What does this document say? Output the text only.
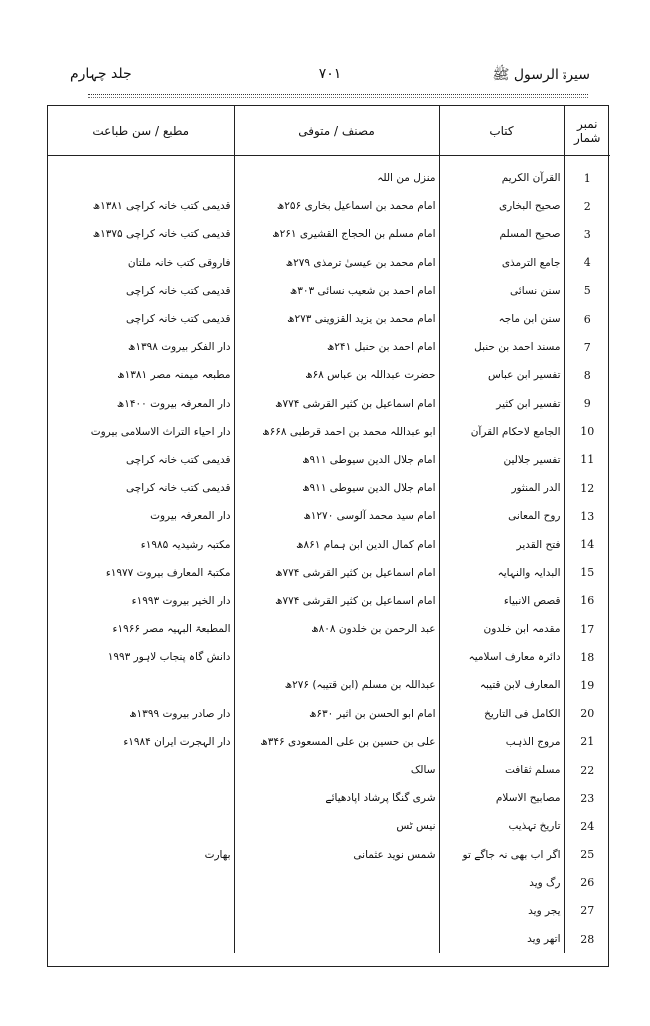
سیرۃ الرسول ﷺ
۷۰۱
جلد چہارم
نمبر شمار	کتاب	مصنف / متوفی	مطبع / سن طباعت
1	القرآن الکریم	منزل من اللہ	
2	صحیح البخاری	امام محمد بن اسماعیل بخاری ۲۵۶ھ	قدیمی کتب خانہ کراچی ۱۳۸۱ھ
3	صحیح المسلم	امام مسلم بن الحجاج القشیری ۲۶۱ھ	قدیمی کتب خانہ کراچی ۱۳۷۵ھ
4	جامع الترمذی	امام محمد بن عیسیٰ ترمذی ۲۷۹ھ	فاروقی کتب خانہ ملتان
5	سنن نسائی	امام احمد بن شعیب نسائی ۳۰۳ھ	قدیمی کتب خانہ کراچی
6	سنن ابن ماجہ	امام محمد بن یزید القزوینی ۲۷۳ھ	قدیمی کتب خانہ کراچی
7	مسند احمد بن حنبل	امام احمد بن حنبل ۲۴۱ھ	دار الفکر بیروت ۱۳۹۸ھ
8	تفسیر ابن عباس	حضرت عبداللہ بن عباس ۶۸ھ	مطبعہ میمنہ مصر ۱۳۸۱ھ
9	تفسیر ابن کثیر	امام اسماعیل بن کثیر القرشی ۷۷۴ھ	دار المعرفہ بیروت ۱۴۰۰ھ
10	الجامع لاحکام القرآن	ابو عبداللہ محمد بن احمد قرطبی ۶۶۸ھ	دار احیاء التراث الاسلامی بیروت
11	تفسیر جلالین	امام جلال الدین سیوطی ۹۱۱ھ	قدیمی کتب خانہ کراچی
12	الدر المنثور	امام جلال الدین سیوطی ۹۱۱ھ	قدیمی کتب خانہ کراچی
13	روح المعانی	امام سید محمد آلوسی ۱۲۷۰ھ	دار المعرفہ بیروت
14	فتح القدیر	امام کمال الدین ابن ہمام ۸۶۱ھ	مکتبہ رشیدیہ ۱۹۸۵ء
15	البدایہ والنہایہ	امام اسماعیل بن کثیر القرشی ۷۷۴ھ	مکتبۃ المعارف بیروت ۱۹۷۷ء
16	قصص الانبیاء	امام اسماعیل بن کثیر القرشی ۷۷۴ھ	دار الخیر بیروت ۱۹۹۳ء
17	مقدمہ ابن خلدون	عبد الرحمن بن خلدون ۸۰۸ھ	المطبعۃ البہیہ مصر ۱۹۶۶ء
18	دائرہ معارف اسلامیہ		دانش گاہ پنجاب لاہور ۱۹۹۳
19	المعارف لابن قتیبہ	عبداللہ بن مسلم (ابن قتیبہ) ۲۷۶ھ	
20	الکامل فی التاریخ	امام ابو الحسن بن اثیر ۶۳۰ھ	دار صادر بیروت ۱۳۹۹ھ
21	مروج الذہب	علی بن حسین بن علی المسعودی ۳۴۶ھ	دار الہجرت ایران ۱۹۸۴ء
22	مسلم ثقافت	سالک	
23	مصابیح الاسلام	شری گنگا پرشاد اپادھیائے	
24	تاریخ تہذیب	نیس ٹس	
25	اگر اب بھی نہ جاگے تو	شمس نوید عثمانی	بھارت
26	رگ وید		
27	یجر وید		
28	اتھر وید		
